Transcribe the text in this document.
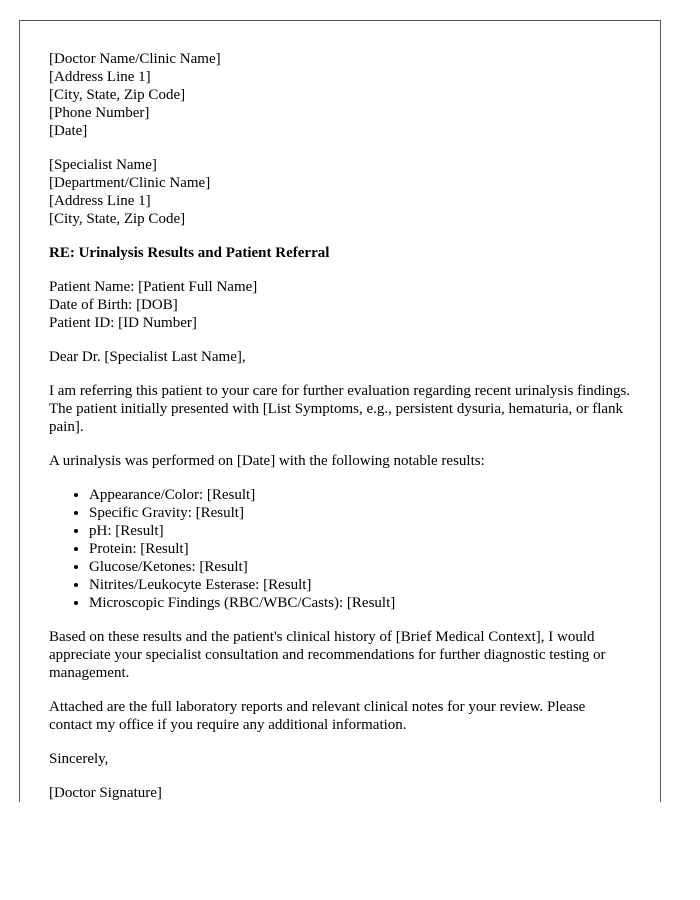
[Doctor Name/Clinic Name]
[Address Line 1]
[City, State, Zip Code]
[Phone Number]
[Date]
[Specialist Name]
[Department/Clinic Name]
[Address Line 1]
[City, State, Zip Code]
RE: Urinalysis Results and Patient Referral
Patient Name: [Patient Full Name]
Date of Birth: [DOB]
Patient ID: [ID Number]

Dear Dr. [Specialist Last Name],

I am referring this patient to your care for further evaluation regarding recent urinalysis findings. The patient initially presented with [List Symptoms, e.g., persistent dysuria, hematuria, or flank pain].

A urinalysis was performed on [Date] with the following notable results:

• Appearance/Color: [Result]
• Specific Gravity: [Result]
• pH: [Result]
• Protein: [Result]
• Glucose/Ketones: [Result]
• Nitrites/Leukocyte Esterase: [Result]
• Microscopic Findings (RBC/WBC/Casts): [Result]

Based on these results and the patient's clinical history of [Brief Medical Context], I would appreciate your specialist consultation and recommendations for further diagnostic testing or management.

Attached are the full laboratory reports and relevant clinical notes for your review. Please contact my office if you require any additional information.

Sincerely,

[Doctor Signature]
